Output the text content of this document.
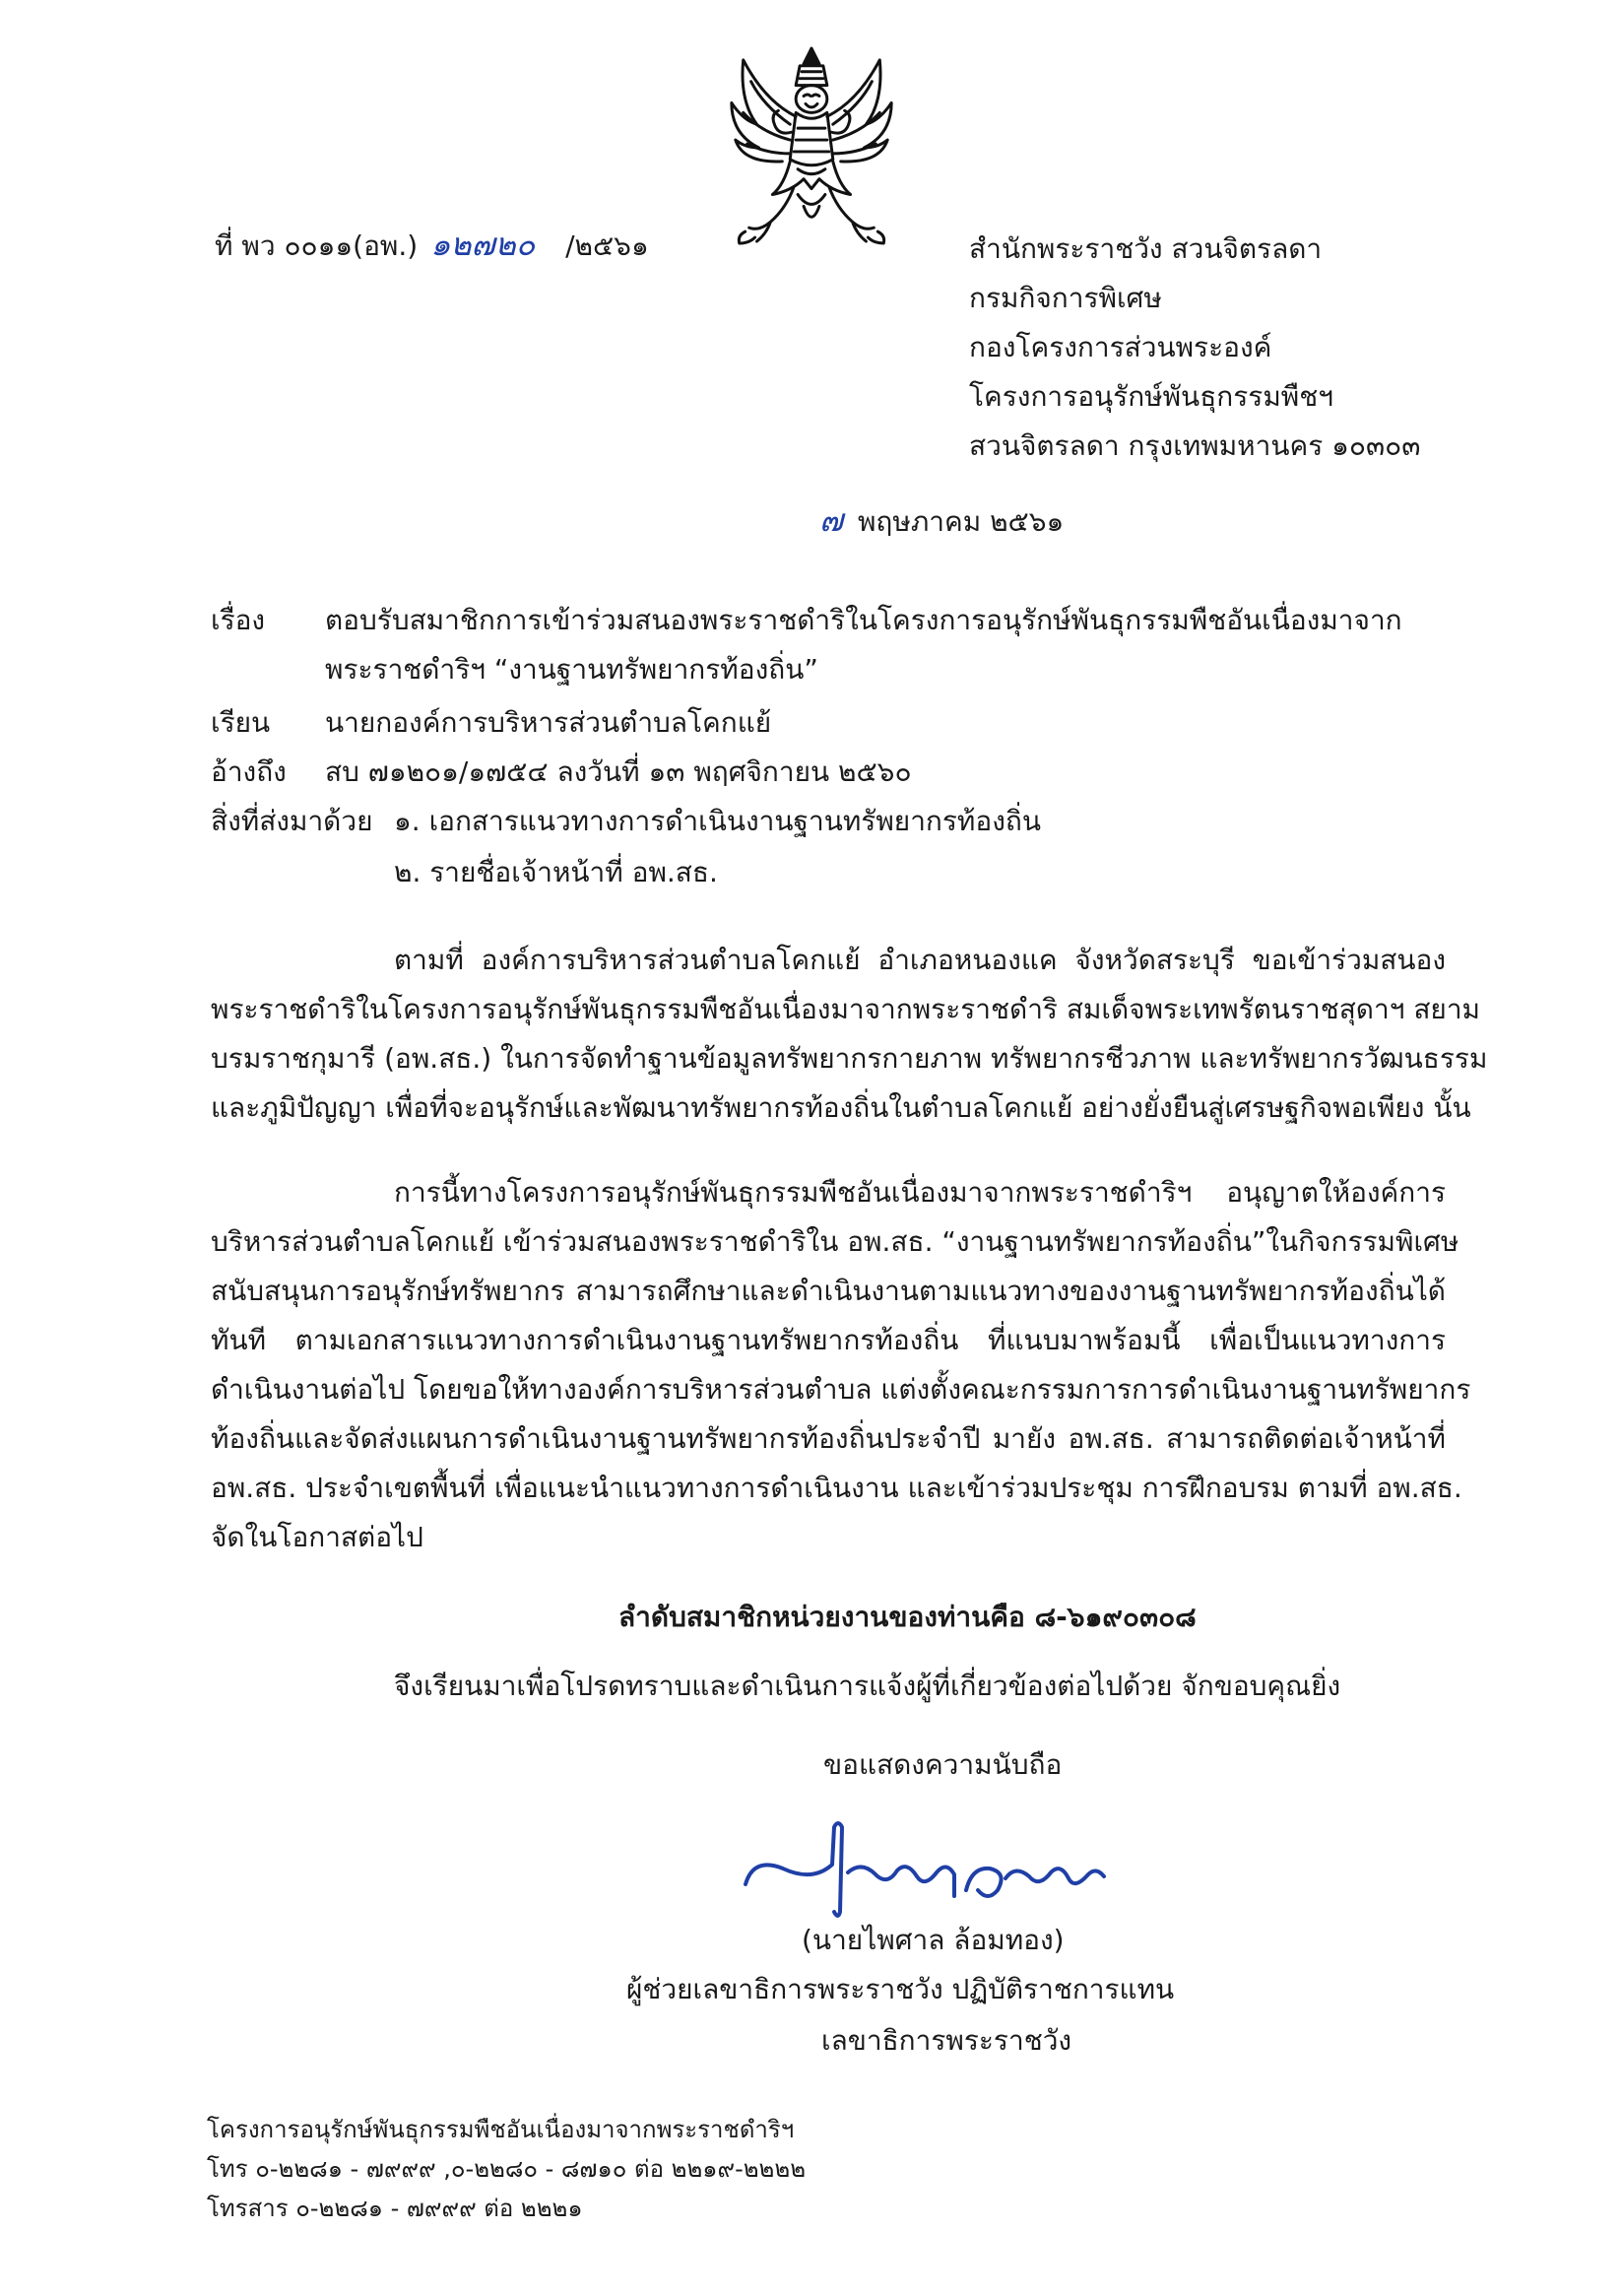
ที่ พว ๐๐๑๑(อพ.) ๑๒๗๒๐ /๒๕๖๑	สำนักพระราชวัง สวนจิตรลดา
กรมกิจการพิเศษ
กองโครงการส่วนพระองค์
โครงการอนุรักษ์พันธุกรรมพืชฯ
สวนจิตรลดา กรุงเทพมหานคร ๑๐๓๐๓
๗ พฤษภาคม ๒๕๖๑
เรื่อง ตอบรับสมาชิกการเข้าร่วมสนองพระราชดำริในโครงการอนุรักษ์พันธุกรรมพืชอันเนื่องมาจาก
พระราชดำริฯ “งานฐานทรัพยากรท้องถิ่น”
เรียน นายกองค์การบริหารส่วนตำบลโคกแย้
อ้างถึง สบ ๗๑๒๐๑/๑๗๕๔ ลงวันที่ ๑๓ พฤศจิกายน ๒๕๖๐
สิ่งที่ส่งมาด้วย ๑. เอกสารแนวทางการดำเนินงานฐานทรัพยากรท้องถิ่น
๒. รายชื่อเจ้าหน้าที่ อพ.สธ.
ตามที่ องค์การบริหารส่วนตำบลโคกแย้ อำเภอหนองแค จังหวัดสระบุรี ขอเข้าร่วมสนอง
พระราชดำริในโครงการอนุรักษ์พันธุกรรมพืชอันเนื่องมาจากพระราชดำริ สมเด็จพระเทพรัตนราชสุดาฯ สยาม
บรมราชกุมารี (อพ.สธ.) ในการจัดทำฐานข้อมูลทรัพยากรกายภาพ ทรัพยากรชีวภาพ และทรัพยากรวัฒนธรรม
และภูมิปัญญา เพื่อที่จะอนุรักษ์และพัฒนาทรัพยากรท้องถิ่นในตำบลโคกแย้ อย่างยั่งยืนสู่เศรษฐกิจพอเพียง นั้น
การนี้ทางโครงการอนุรักษ์พันธุกรรมพืชอันเนื่องมาจากพระราชดำริฯ อนุญาตให้องค์การ
บริหารส่วนตำบลโคกแย้ เข้าร่วมสนองพระราชดำริใน อพ.สธ. “งานฐานทรัพยากรท้องถิ่น”ในกิจกรรมพิเศษ
สนับสนุนการอนุรักษ์ทรัพยากร สามารถศึกษาและดำเนินงานตามแนวทางของงานฐานทรัพยากรท้องถิ่นได้
ทันที ตามเอกสารแนวทางการดำเนินงานฐานทรัพยากรท้องถิ่น ที่แนบมาพร้อมนี้ เพื่อเป็นแนวทางการ
ดำเนินงานต่อไป โดยขอให้ทางองค์การบริหารส่วนตำบล แต่งตั้งคณะกรรมการการดำเนินงานฐานทรัพยากร
ท้องถิ่นและจัดส่งแผนการดำเนินงานฐานทรัพยากรท้องถิ่นประจำปี มายัง อพ.สธ. สามารถติดต่อเจ้าหน้าที่
อพ.สธ. ประจำเขตพื้นที่ เพื่อแนะนำแนวทางการดำเนินงาน และเข้าร่วมประชุม การฝึกอบรม ตามที่ อพ.สธ.
จัดในโอกาสต่อไป
ลำดับสมาชิกหน่วยงานของท่านคือ ๘-๖๑๙๐๓๐๘
จึงเรียนมาเพื่อโปรดทราบและดำเนินการแจ้งผู้ที่เกี่ยวข้องต่อไปด้วย จักขอบคุณยิ่ง
ขอแสดงความนับถือ
(นายไพศาล ล้อมทอง)
ผู้ช่วยเลขาธิการพระราชวัง ปฏิบัติราชการแทน
เลขาธิการพระราชวัง
โครงการอนุรักษ์พันธุกรรมพืชอันเนื่องมาจากพระราชดำริฯ
โทร ๐-๒๒๘๑ - ๗๙๙๙ ,๐-๒๒๘๐ - ๘๗๑๐ ต่อ ๒๒๑๙-๒๒๒๒
โทรสาร ๐-๒๒๘๑ - ๗๙๙๙ ต่อ ๒๒๒๑
